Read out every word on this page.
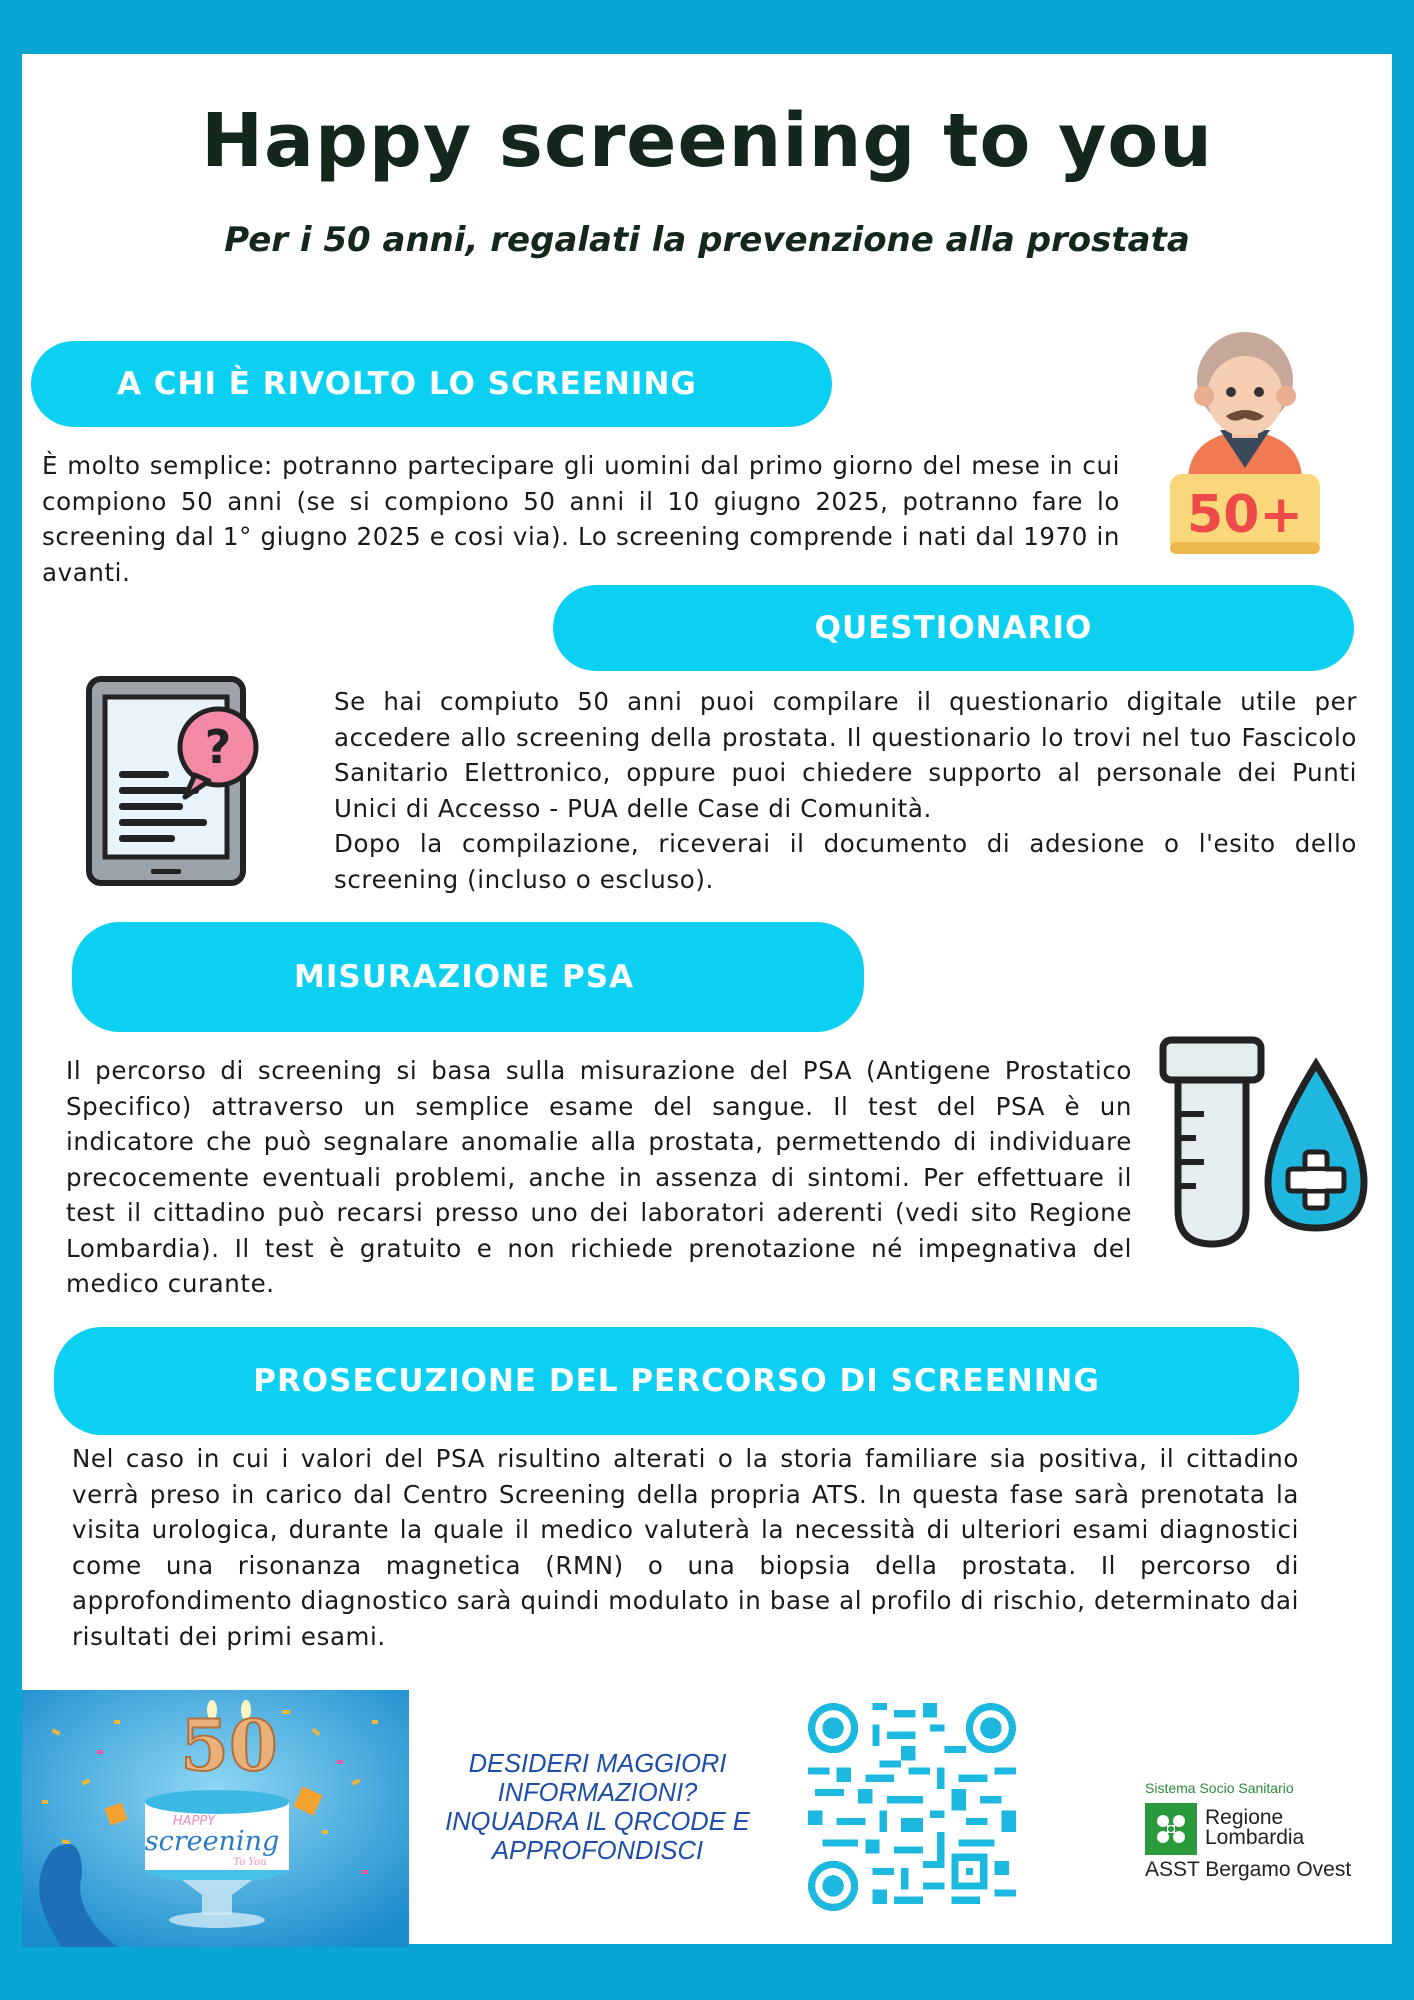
Happy screening to you
Per i 50 anni, regalati la prevenzione alla prostata
A CHI È RIVOLTO LO SCREENING
È molto semplice: potranno partecipare gli uomini dal primo giorno del mese in cui compiono 50 anni (se si compiono 50 anni il 10 giugno 2025, potranno fare lo screening dal 1° giugno 2025 e cosi via). Lo screening comprende i nati dal 1970 in avanti.
50+
QUESTIONARIO
?

Se hai compiuto 50 anni puoi compilare il questionario digitale utile per accedere allo screening della prostata. Il questionario lo trovi nel tuo Fascicolo Sanitario Elettronico, oppure puoi chiedere supporto al personale dei Punti Unici di Accesso - PUA delle Case di Comunità.

Dopo la compilazione, riceverai il documento di adesione o l'esito dello screening (incluso o escluso).

MISURAZIONE PSA
Il percorso di screening si basa sulla misurazione del PSA (Antigene Prostatico Specifico) attraverso un semplice esame del sangue. Il test del PSA è un indicatore che può segnalare anomalie alla prostata, permettendo di individuare precocemente eventuali problemi, anche in assenza di sintomi. Per effettuare il test il cittadino può recarsi presso uno dei laboratori aderenti (vedi sito Regione Lombardia). Il test è gratuito e non richiede prenotazione né impegnativa del medico curante.
PROSECUZIONE DEL PERCORSO DI SCREENING
Nel caso in cui i valori del PSA risultino alterati o la storia familiare sia positiva, il cittadino verrà preso in carico dal Centro Screening della propria ATS. In questa fase sarà prenotata la visita urologica, durante la quale il medico valuterà la necessità di ulteriori esami diagnostici come una risonanza magnetica (RMN) o una biopsia della prostata. Il percorso di approfondimento diagnostico sarà quindi modulato in base al profilo di rischio, determinato dai risultati dei primi esami.
50
HAPPY
screening
To You
DESIDERI MAGGIORI
INFORMAZIONI?
INQUADRA IL QRCODE E
APPROFONDISCI
Sistema Socio Sanitario
Regione
Lombardia
ASST Bergamo Ovest
